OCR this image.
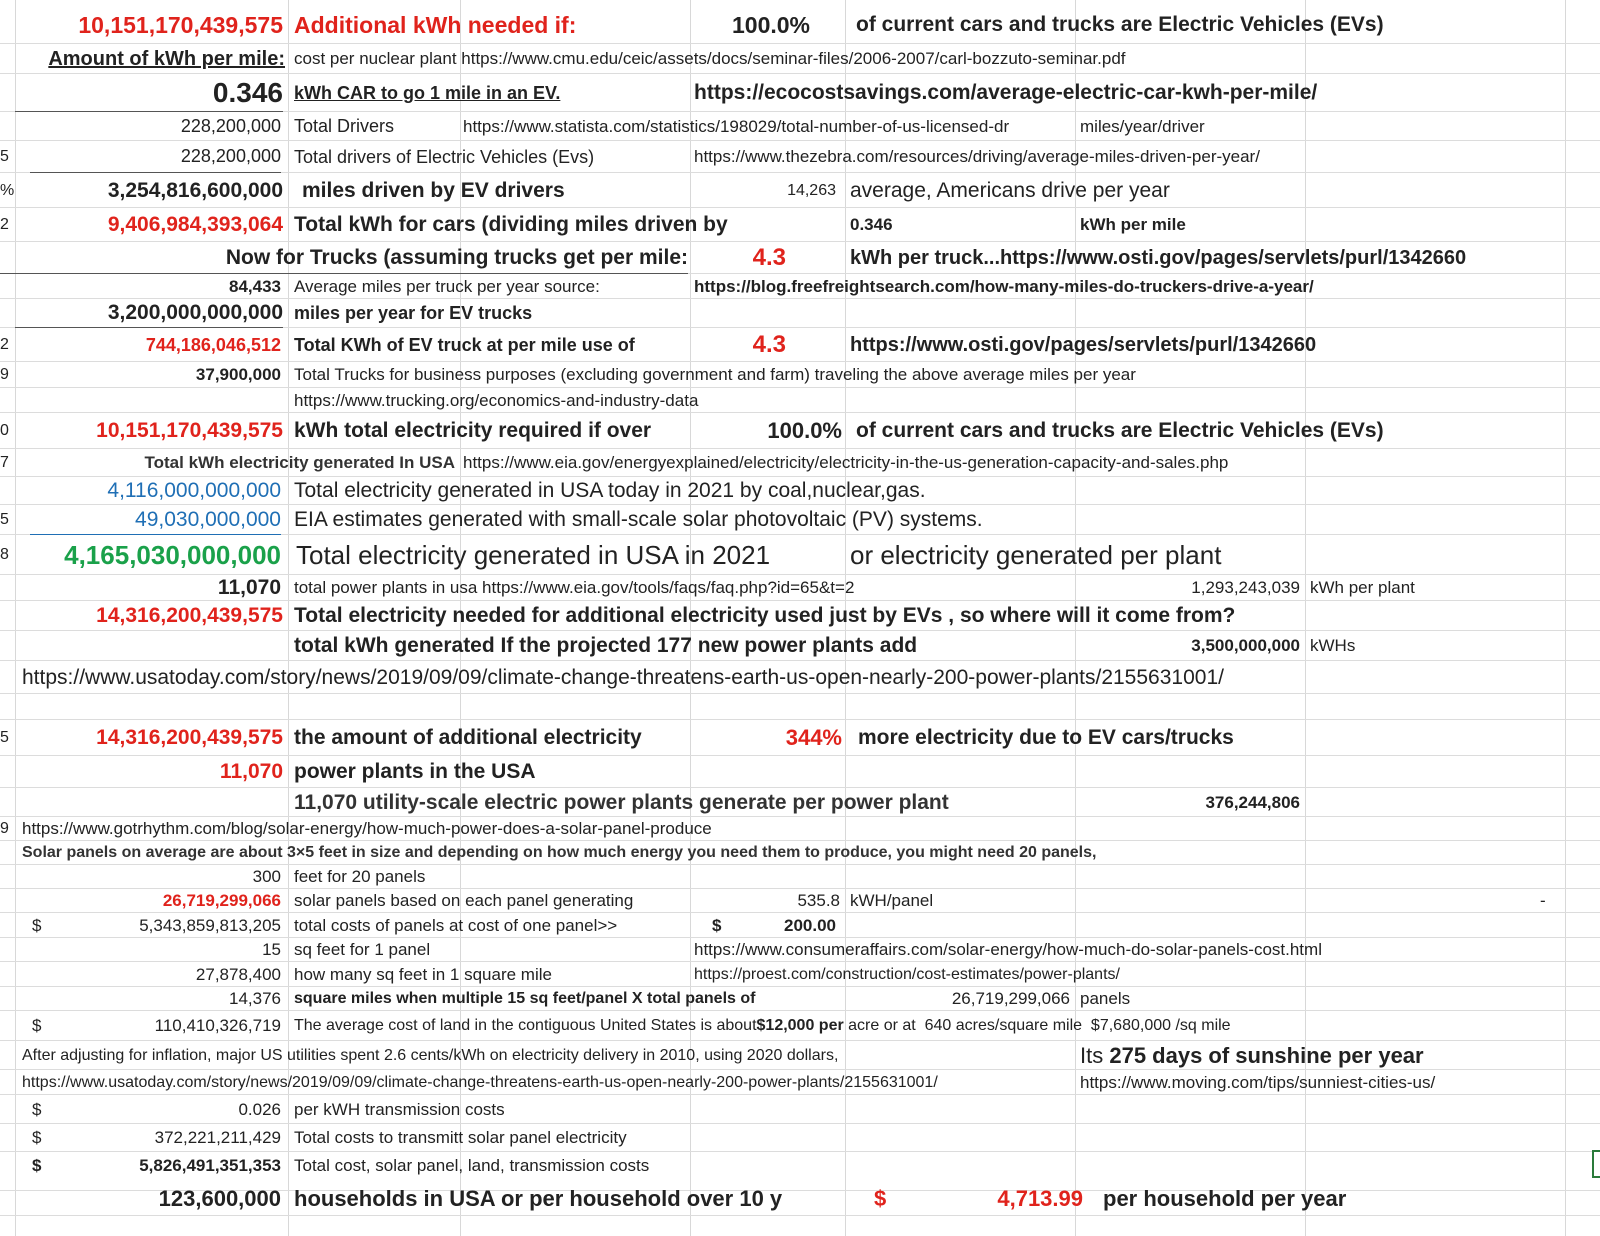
10,151,170,439,575 Additional kWh needed if:	100.0% of current cars and trucks are Electric Vehicles (EVs)
Amount of kWh per mile: cost per nuclear plant https://www.cmu.edu/ceic/assets/docs/seminar-files/2006-2007/carl-bozzuto-seminar.pdf
0.346 kWh CAR to go 1 mile in an EV.	https://ecocostsavings.com/average-electric-car-kwh-per-mile/
228,200,000 Total Drivers	https://www.statista.com/statistics/198029/total-number-of-us-licensed-dr	miles/year/driver
5	228,200,000 Total drivers of Electric Vehicles (Evs)	https://www.thezebra.com/resources/driving/average-miles-driven-per-year/
%	3,254,816,600,000 miles driven by EV drivers	14,263 average, Americans drive per year
2	9,406,984,393,064 Total kWh for cars (dividing miles driven by	0.346	kWh per mile
Now for Trucks (assuming trucks get per mile:	4.3	kWh per truck...https://www.osti.gov/pages/servlets/purl/1342660
84,433 Average miles per truck per year source:	https://blog.freefreightsearch.com/how-many-miles-do-truckers-drive-a-year/
3,200,000,000,000 miles per year for EV trucks
2	744,186,046,512 Total KWh of EV truck at per mile use of	4.3	https://www.osti.gov/pages/servlets/purl/1342660
9	37,900,000 Total Trucks for business purposes (excluding government and farm) traveling the above average miles per year
https://www.trucking.org/economics-and-industry-data
0	10,151,170,439,575 kWh total electricity required if over	100.0% of current cars and trucks are Electric Vehicles (EVs)
7	Total kWh electricity generated In USA https://www.eia.gov/energyexplained/electricity/electricity-in-the-us-generation-capacity-and-sales.php
4,116,000,000,000 Total electricity generated in USA today in 2021 by coal,nuclear,gas.
5	49,030,000,000 EIA estimates generated with small-scale solar photovoltaic (PV) systems.
8	4,165,030,000,000 Total electricity generated in USA in 2021	or electricity generated per plant
11,070 total power plants in usa https://www.eia.gov/tools/faqs/faq.php?id=65&t=2	1,293,243,039 kWh per plant
14,316,200,439,575 Total electricity needed for additional electricity used just by EVs , so where will it come from?
total kWh generated If the projected 177 new power plants add	3,500,000,000 kWHs
https://www.usatoday.com/story/news/2019/09/09/climate-change-threatens-earth-us-open-nearly-200-power-plants/2155631001/
5	14,316,200,439,575 the amount of additional electricity	344% more electricity due to EV cars/trucks
11,070 power plants in the USA
11,070 utility-scale electric power plants generate per power plant	376,244,806
9 https://www.gotrhythm.com/blog/solar-energy/how-much-power-does-a-solar-panel-produce
Solar panels on average are about 3×5 feet in size and depending on how much energy you need them to produce, you might need 20 panels,
300 feet for 20 panels
26,719,299,066 solar panels based on each panel generating	535.8 kWH/panel	-
$	5,343,859,813,205 total costs of panels at cost of one panel>>	$	200.00
15 sq feet for 1 panel	https://www.consumeraffairs.com/solar-energy/how-much-do-solar-panels-cost.html
27,878,400 how many sq feet in 1 square mile	https://proest.com/construction/cost-estimates/power-plants/
14,376 square miles when multiple 15 sq feet/panel X total panels of	26,719,299,066 panels
$	110,410,326,719 The average cost of land in the contiguous United States is about $12,000 per acre or at  640 acres/square mile  $7,680,000 /sq mile
After adjusting for inflation, major US utilities spent 2.6 cents/kWh on electricity delivery in 2010, using 2020 dollars,	Its 275 days of sunshine per year
https://www.usatoday.com/story/news/2019/09/09/climate-change-threatens-earth-us-open-nearly-200-power-plants/2155631001/	https://www.moving.com/tips/sunniest-cities-us/
$	0.026 per kWH transmission costs
$	372,221,211,429 Total costs to transmitt solar panel electricity
$	5,826,491,351,353 Total cost, solar panel, land, transmission costs
123,600,000 households in USA or per household over 10 y	$	4,713.99 per household per year
